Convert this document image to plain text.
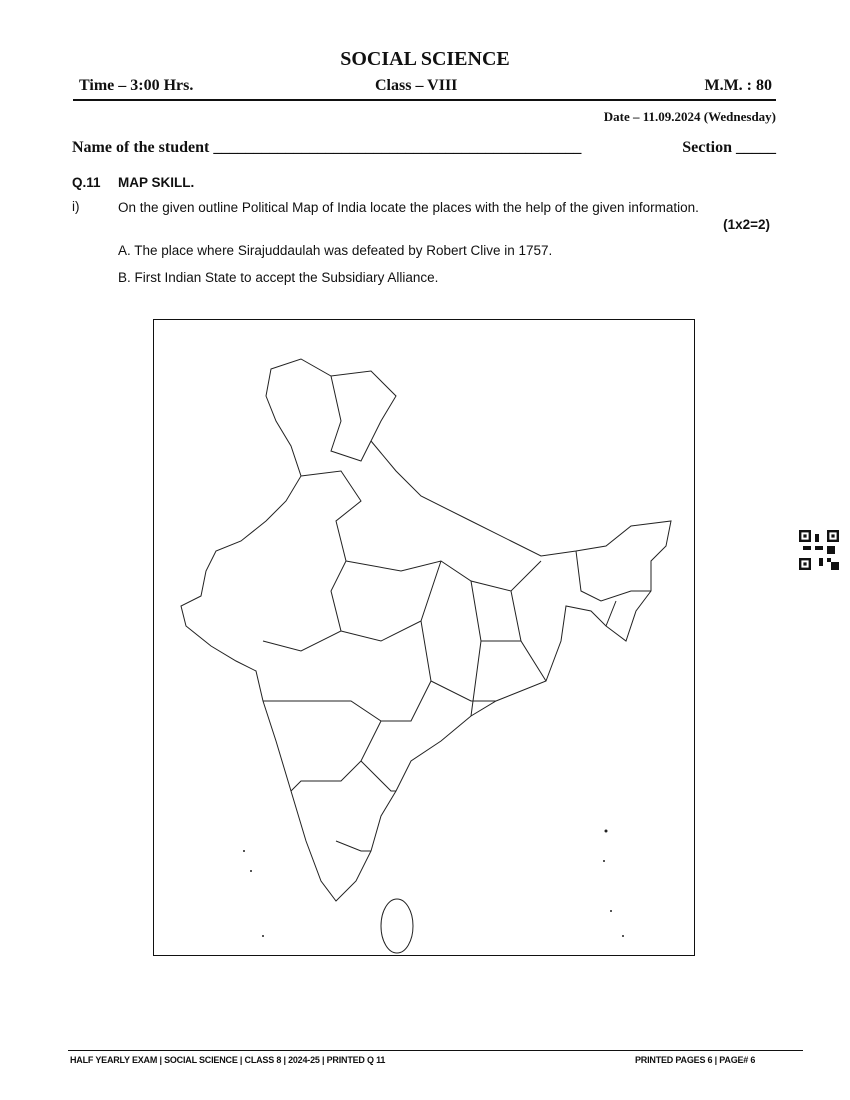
SOCIAL SCIENCE
Time – 3:00 Hrs.	Class – VIII	M.M. : 80
Date – 11.09.2024 (Wednesday)
Name of the student ______________________________________________	Section _____
Q.11 MAP SKILL.
i)	On the given outline Political Map of India locate the places with the help of the given information.
(1x2=2)
A. The place where Sirajuddaulah was defeated by Robert Clive in 1757.
B. First Indian State to accept the Subsidiary Alliance.
HALF YEARLY EXAM | SOCIAL SCIENCE | CLASS 8 | 2024-25 | PRINTED Q 11	PRINTED PAGES 6 | PAGE# 6
